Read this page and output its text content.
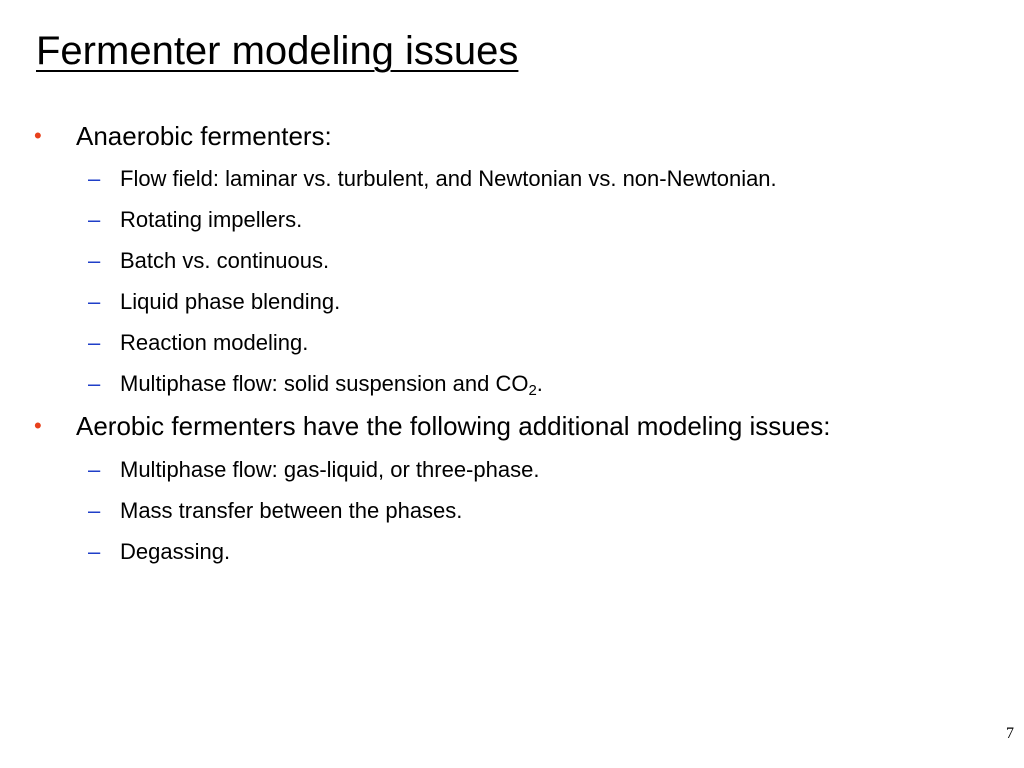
Fermenter modeling issues
• Anaerobic fermenters:
– Flow field: laminar vs. turbulent, and Newtonian vs. non-Newtonian.
– Rotating impellers.
– Batch vs. continuous.
– Liquid phase blending.
– Reaction modeling.
– Multiphase flow: solid suspension and $CO_2$.
• Aerobic fermenters have the following additional modeling issues:
– Multiphase flow: gas-liquid, or three-phase.
– Mass transfer between the phases.
– Degassing.
7
